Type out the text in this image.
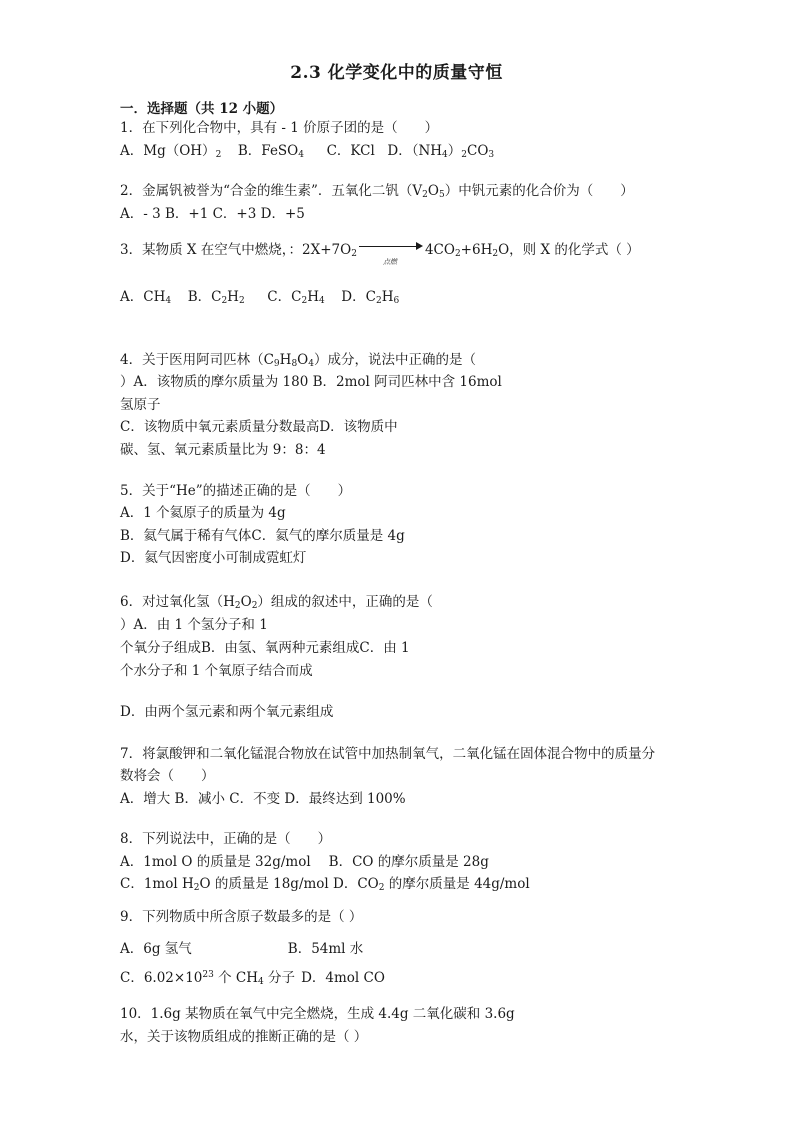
2.3 化学变化中的质量守恒
一．选择题（共 12 小题）
1．在下列化合物中，具有 ‐ 1 价原子团的是（　　）
A．$Mg(OH)_2$ B．FeSO$_4$ C．KCl D．$(NH_4)_2CO_3$
2．金属钒被誉为“合金的维生素”．五氧化二钒$(V_2O_5)$中钒元素的化合价为（　　）
A．‐ 3 B．+1 C．+3 D．+5
3．某物质 X 在空气中燃烧，：$2X+7O_2$
点燃
$4CO_2+6H_2O$，则 X 的化学式（ ）
A．$CH_4$ B．$C_2H_2$ C．$C_2H_4$ D．$C_2H_6$
4．关于医用阿司匹林$(C_9H_8O_4)$成分，说法中正确的是（
）A．该物质的摩尔质量为 180 B．2mol 阿司匹林中含 16mol
氢原子
C．该物质中氧元素质量分数最高D．该物质中
碳、氢、氧元素质量比为 9：8：4
5．关于“He”的描述正确的是（　　）
A．1 个氦原子的质量为 4g
B．氦气属于稀有气体C．氦气的摩尔质量是 4g
D．氦气因密度小可制成霓虹灯
6．对过氧化氢$(H_2O_2)$组成的叙述中，正确的是（
）A．由 1 个氢分子和 1
个氧分子组成B．由氢、氧两种元素组成C．由 1
个水分子和 1 个氧原子结合而成
D．由两个氢元素和两个氧元素组成
7．将氯酸钾和二氧化锰混合物放在试管中加热制氧气，二氧化锰在固体混合物中的质量分
数将会（　　）
A．增大 B．减小 C．不变 D．最终达到 100%
8．下列说法中，正确的是（　　）
A．1mol O 的质量是 32g/mol B．CO 的摩尔质量是 28g
C．1mol $H_2O$ 的质量是 18g/mol D．$CO_2$ 的摩尔质量是 44g/mol
9．下列物质中所含原子数最多的是（ ）
A．6g 氢气	B．54ml 水
C．$6.02\times 10^{23}$ 个 $CH_4$ 分子 D．4mol CO
10．1.6g 某物质在氧气中完全燃烧，生成 4.4g 二氧化碳和 3.6g
水，关于该物质组成的推断正确的是（ ）
